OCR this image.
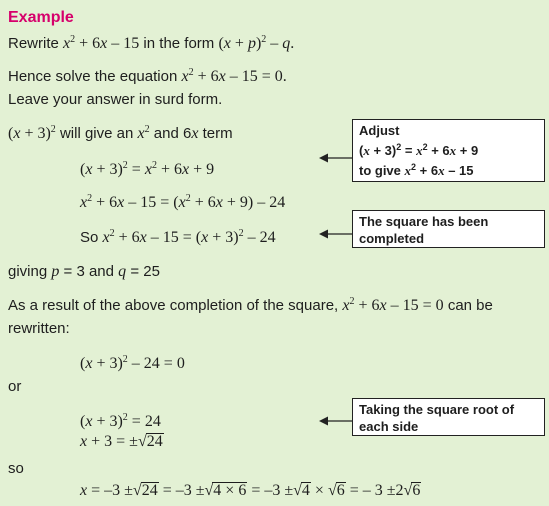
Example
Rewrite $x^2 + 6x - 15$ in the form $(x + p)^2 - q$.
Hence solve the equation $x^2 + 6x - 15 = 0$.
Leave your answer in surd form.
$(x + 3)^2$ will give an $x^2$ and 6x term
$(x + 3)^2 = x^2 + 6x + 9$
$x^2 + 6x - 15 = (x^2 + 6x + 9) - 24$
So $x^2 + 6x - 15 = (x + 3)^2 - 24$
giving p = 3 and q = 25
As a result of the above completion of the square, $x^2 + 6x - 15 = 0$ can be
rewritten:
$(x + 3)^2 - 24 = 0$
or
$(x + 3)^2 = 24$
x + 3 = ±√24
so
x = –3 ±√24 = –3 ±√4 × 6 = –3 ±√4 × √6 = – 3 ±2√6
Adjust
$(x + 3)^2 = x^2 + 6x + 9$
to give $x^2 + 6x - 15$
The square has been
completed
Taking the square root of
each side
